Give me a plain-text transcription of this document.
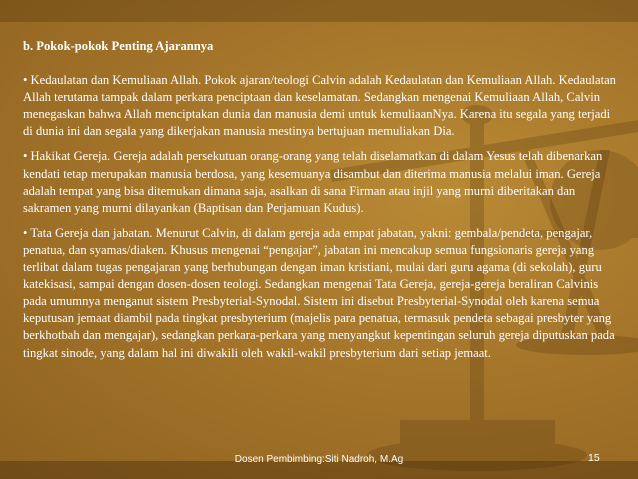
b. Pokok-pokok Penting Ajarannya

• Kedaulatan dan Kemuliaan Allah. Pokok ajaran/teologi Calvin adalah Kedaulatan dan Kemuliaan Allah. Kedaulatan Allah terutama tampak dalam perkara penciptaan dan keselamatan. Sedangkan mengenai Kemuliaan Allah, Calvin menegaskan bahwa Allah menciptakan dunia dan manusia demi untuk kemuliaanNya. Karena itu segala yang terjadi di dunia ini dan segala yang dikerjakan manusia mestinya bertujuan memuliakan Dia.

• Hakikat Gereja. Gereja adalah persekutuan orang-orang yang telah diselamatkan di dalam Yesus telah dibenarkan kendati tetap merupakan manusia berdosa, yang kesemuanya disambut dan diterima manusia melalui iman. Gereja adalah tempat yang bisa ditemukan dimana saja, asalkan di sana Firman atau injil yang murni diberitakan dan sakramen yang murni dilayankan (Baptisan dan Perjamuan Kudus).

• Tata Gereja dan jabatan. Menurut Calvin, di dalam gereja ada empat jabatan, yakni: gembala/pendeta, pengajar, penatua, dan syamas/diaken. Khusus mengenai “pengajar”, jabatan ini mencakup semua fungsionaris gereja yang terlibat dalam tugas pengajaran yang berhubungan dengan iman kristiani, mulai dari guru agama (di sekolah), guru katekisasi, sampai dengan dosen-dosen teologi. Sedangkan mengenai Tata Gereja, gereja-gereja beraliran Calvinis pada umumnya menganut sistem Presbyterial-Synodal. Sistem ini disebut Presbyterial-Synodal oleh karena semua keputusan jemaat diambil pada tingkat presbyterium (majelis para penatua, termasuk pendeta sebagai presbyter yang berkhotbah dan mengajar), sedangkan perkara-perkara yang menyangkut kepentingan seluruh gereja diputuskan pada tingkat sinode, yang dalam hal ini diwakili oleh wakil-wakil presbyterium dari setiap jemaat.

Dosen Pembimbing:Siti Nadroh, M.Ag	15
